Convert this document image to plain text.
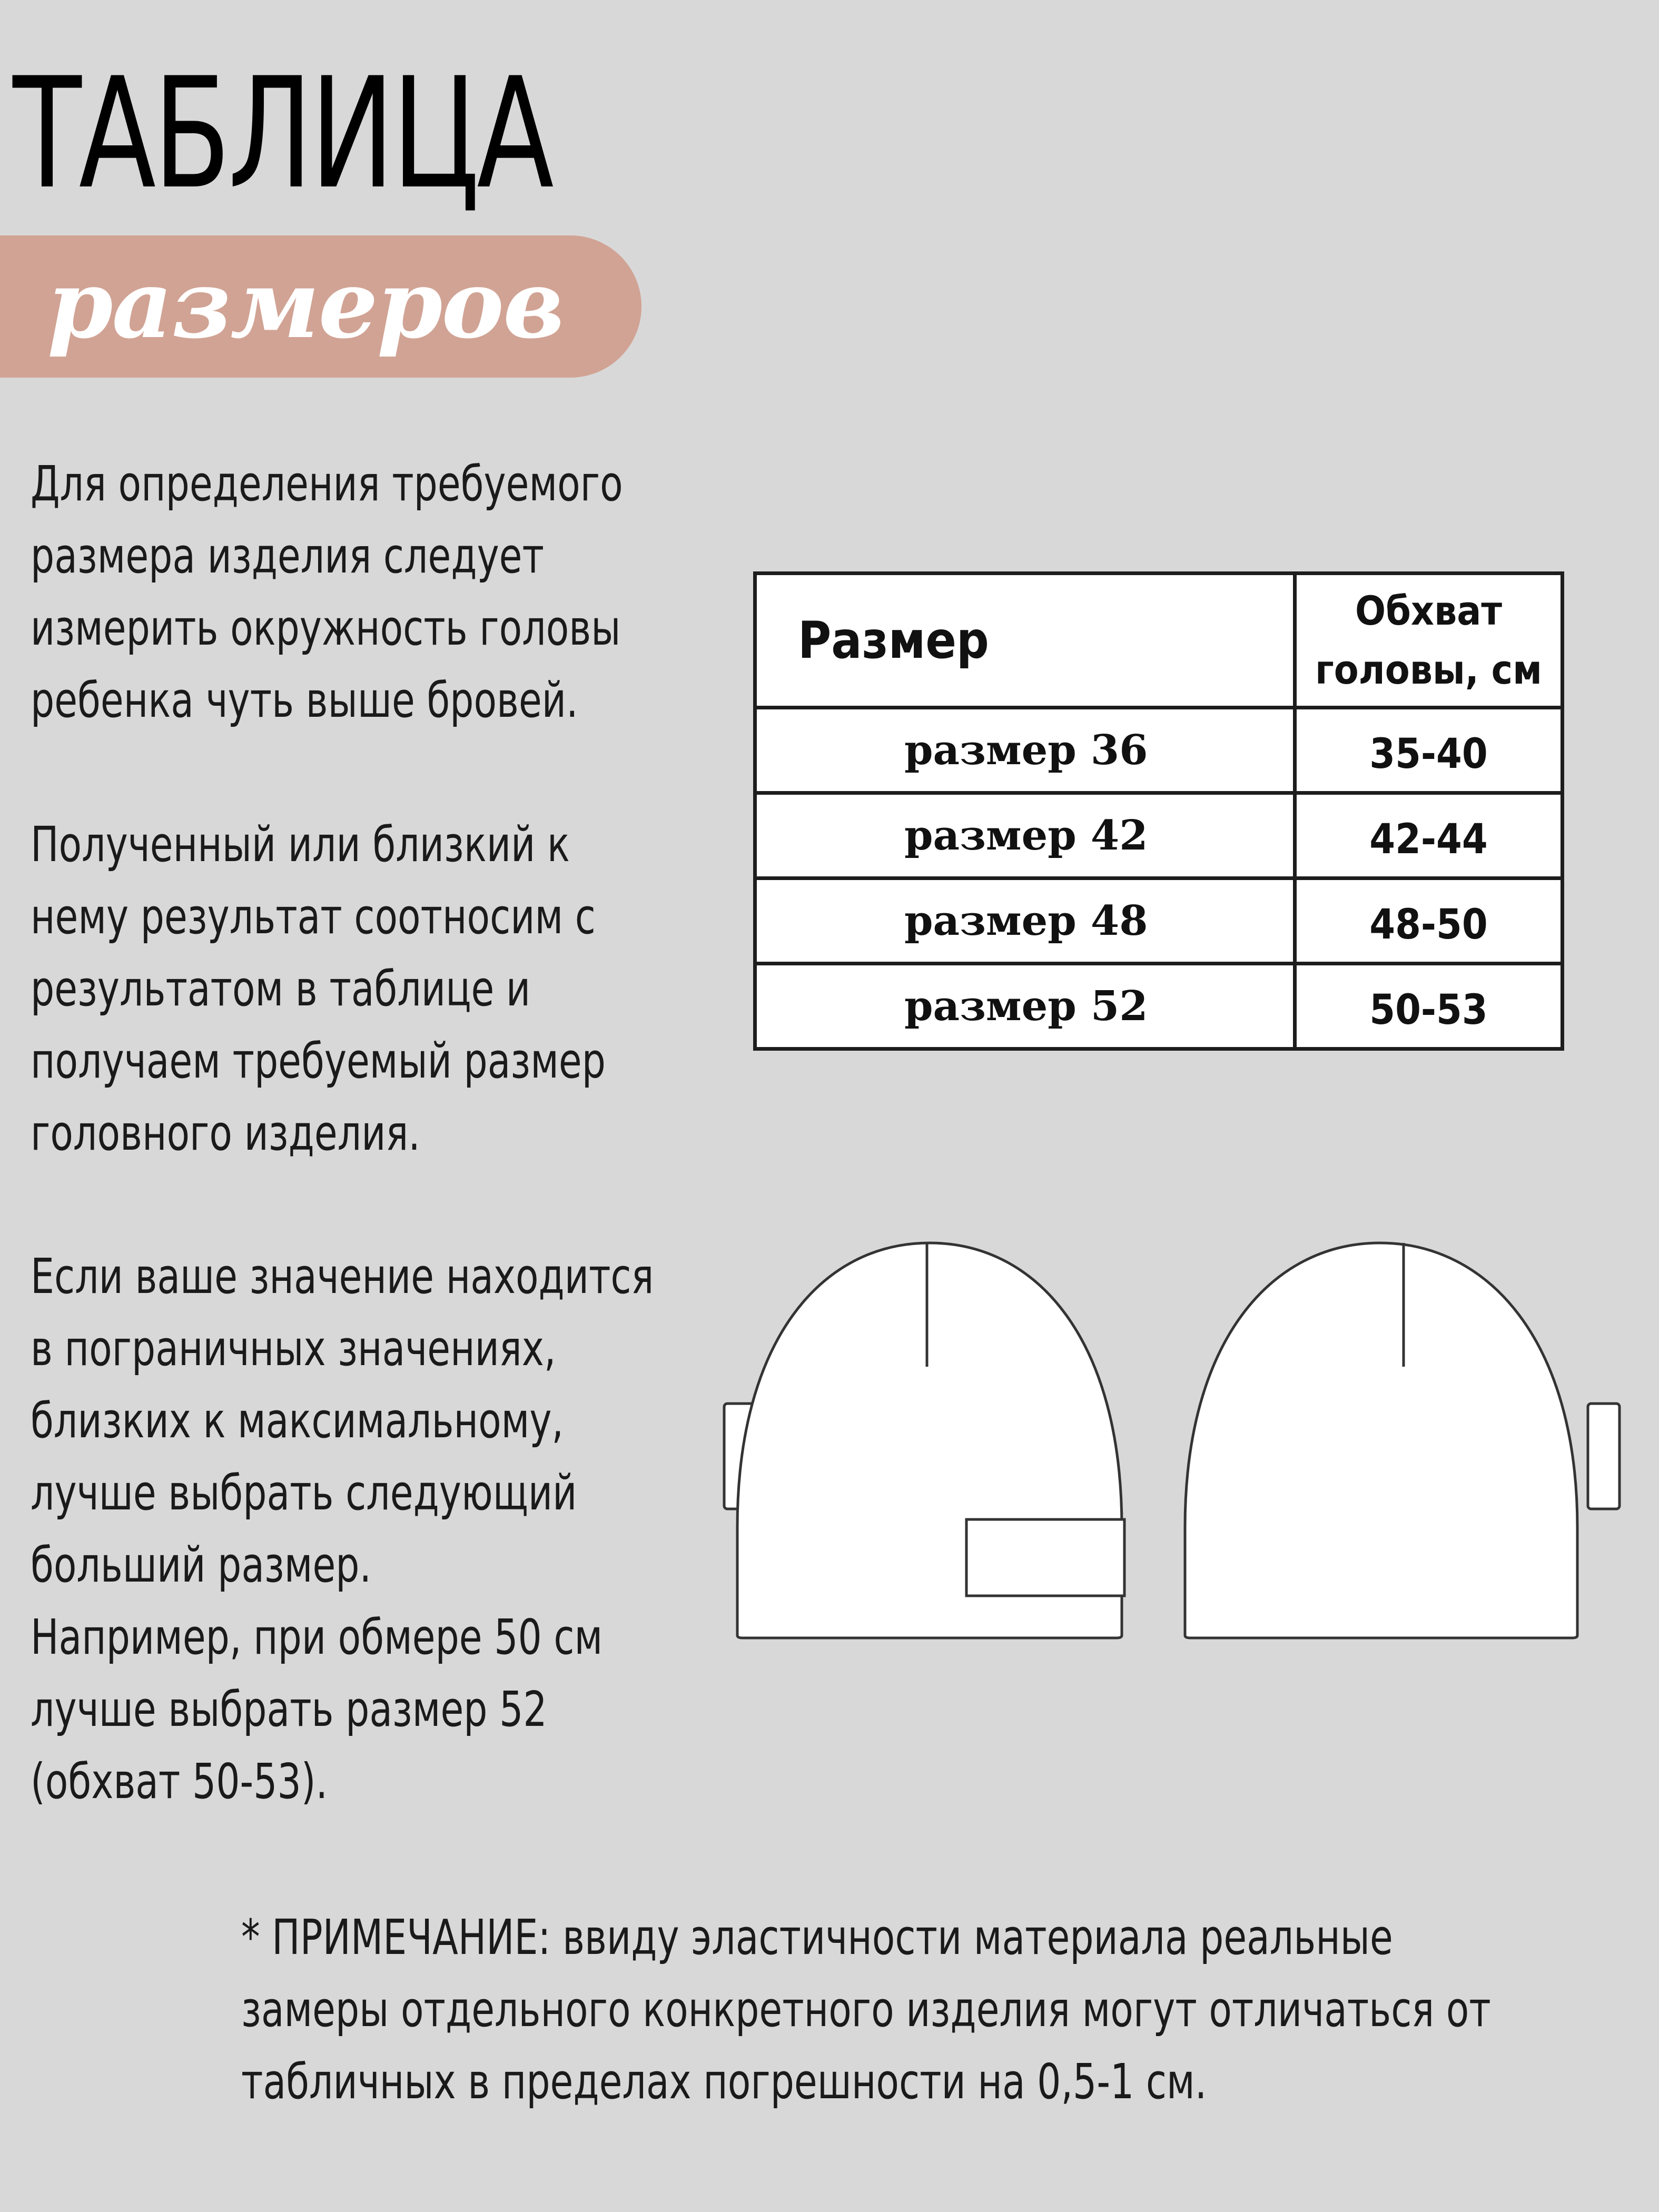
ТАБЛИЦА
размеров
Для определения требуемого
размера изделия следует
измерить окружность головы
ребенка чуть выше бровей.
Полученный или близкий к
нему результат соотносим с
результатом в таблице и
получаем требуемый размер
головного изделия.
Если ваше значение находится
в пограничных значениях,
близких к максимальному,
лучше выбрать следующий
больший размер.
Например, при обмере 50 см
лучше выбрать размер 52
(обхват 50-53).
Размер	Обхват
головы, см

размер 36	35-40
размер 42	42-44
размер 48	48-50
размер 52	50-53
* ПРИМЕЧАНИЕ: ввиду эластичности материала реальные
замеры отдельного конкретного изделия могут отличаться от
табличных в пределах погрешности на 0,5-1 см.
